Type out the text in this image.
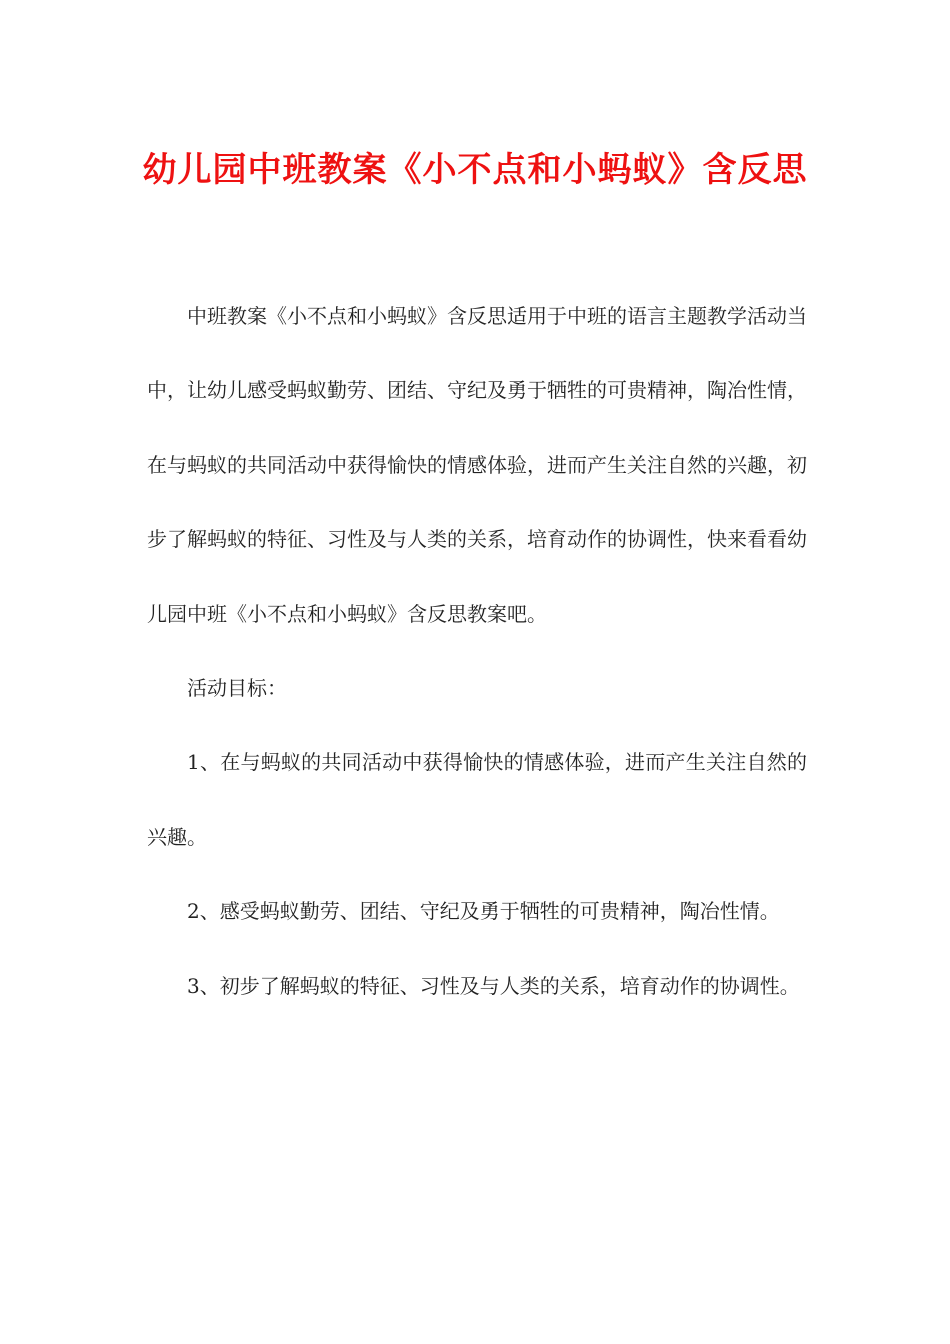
幼儿园中班教案《小不点和小蚂蚁》含反思

中班教案《小不点和小蚂蚁》含反思适用于中班的语言主题教学活动当中，让幼儿感受蚂蚁勤劳、团结、守纪及勇于牺牲的可贵精神，陶冶性情，在与蚂蚁的共同活动中获得愉快的情感体验，进而产生关注自然的兴趣，初步了解蚂蚁的特征、习性及与人类的关系，培育动作的协调性，快来看看幼儿园中班《小不点和小蚂蚁》含反思教案吧。

活动目标：

1、在与蚂蚁的共同活动中获得愉快的情感体验，进而产生关注自然的兴趣。

2、感受蚂蚁勤劳、团结、守纪及勇于牺牲的可贵精神，陶冶性情。

3、初步了解蚂蚁的特征、习性及与人类的关系，培育动作的协调性。
